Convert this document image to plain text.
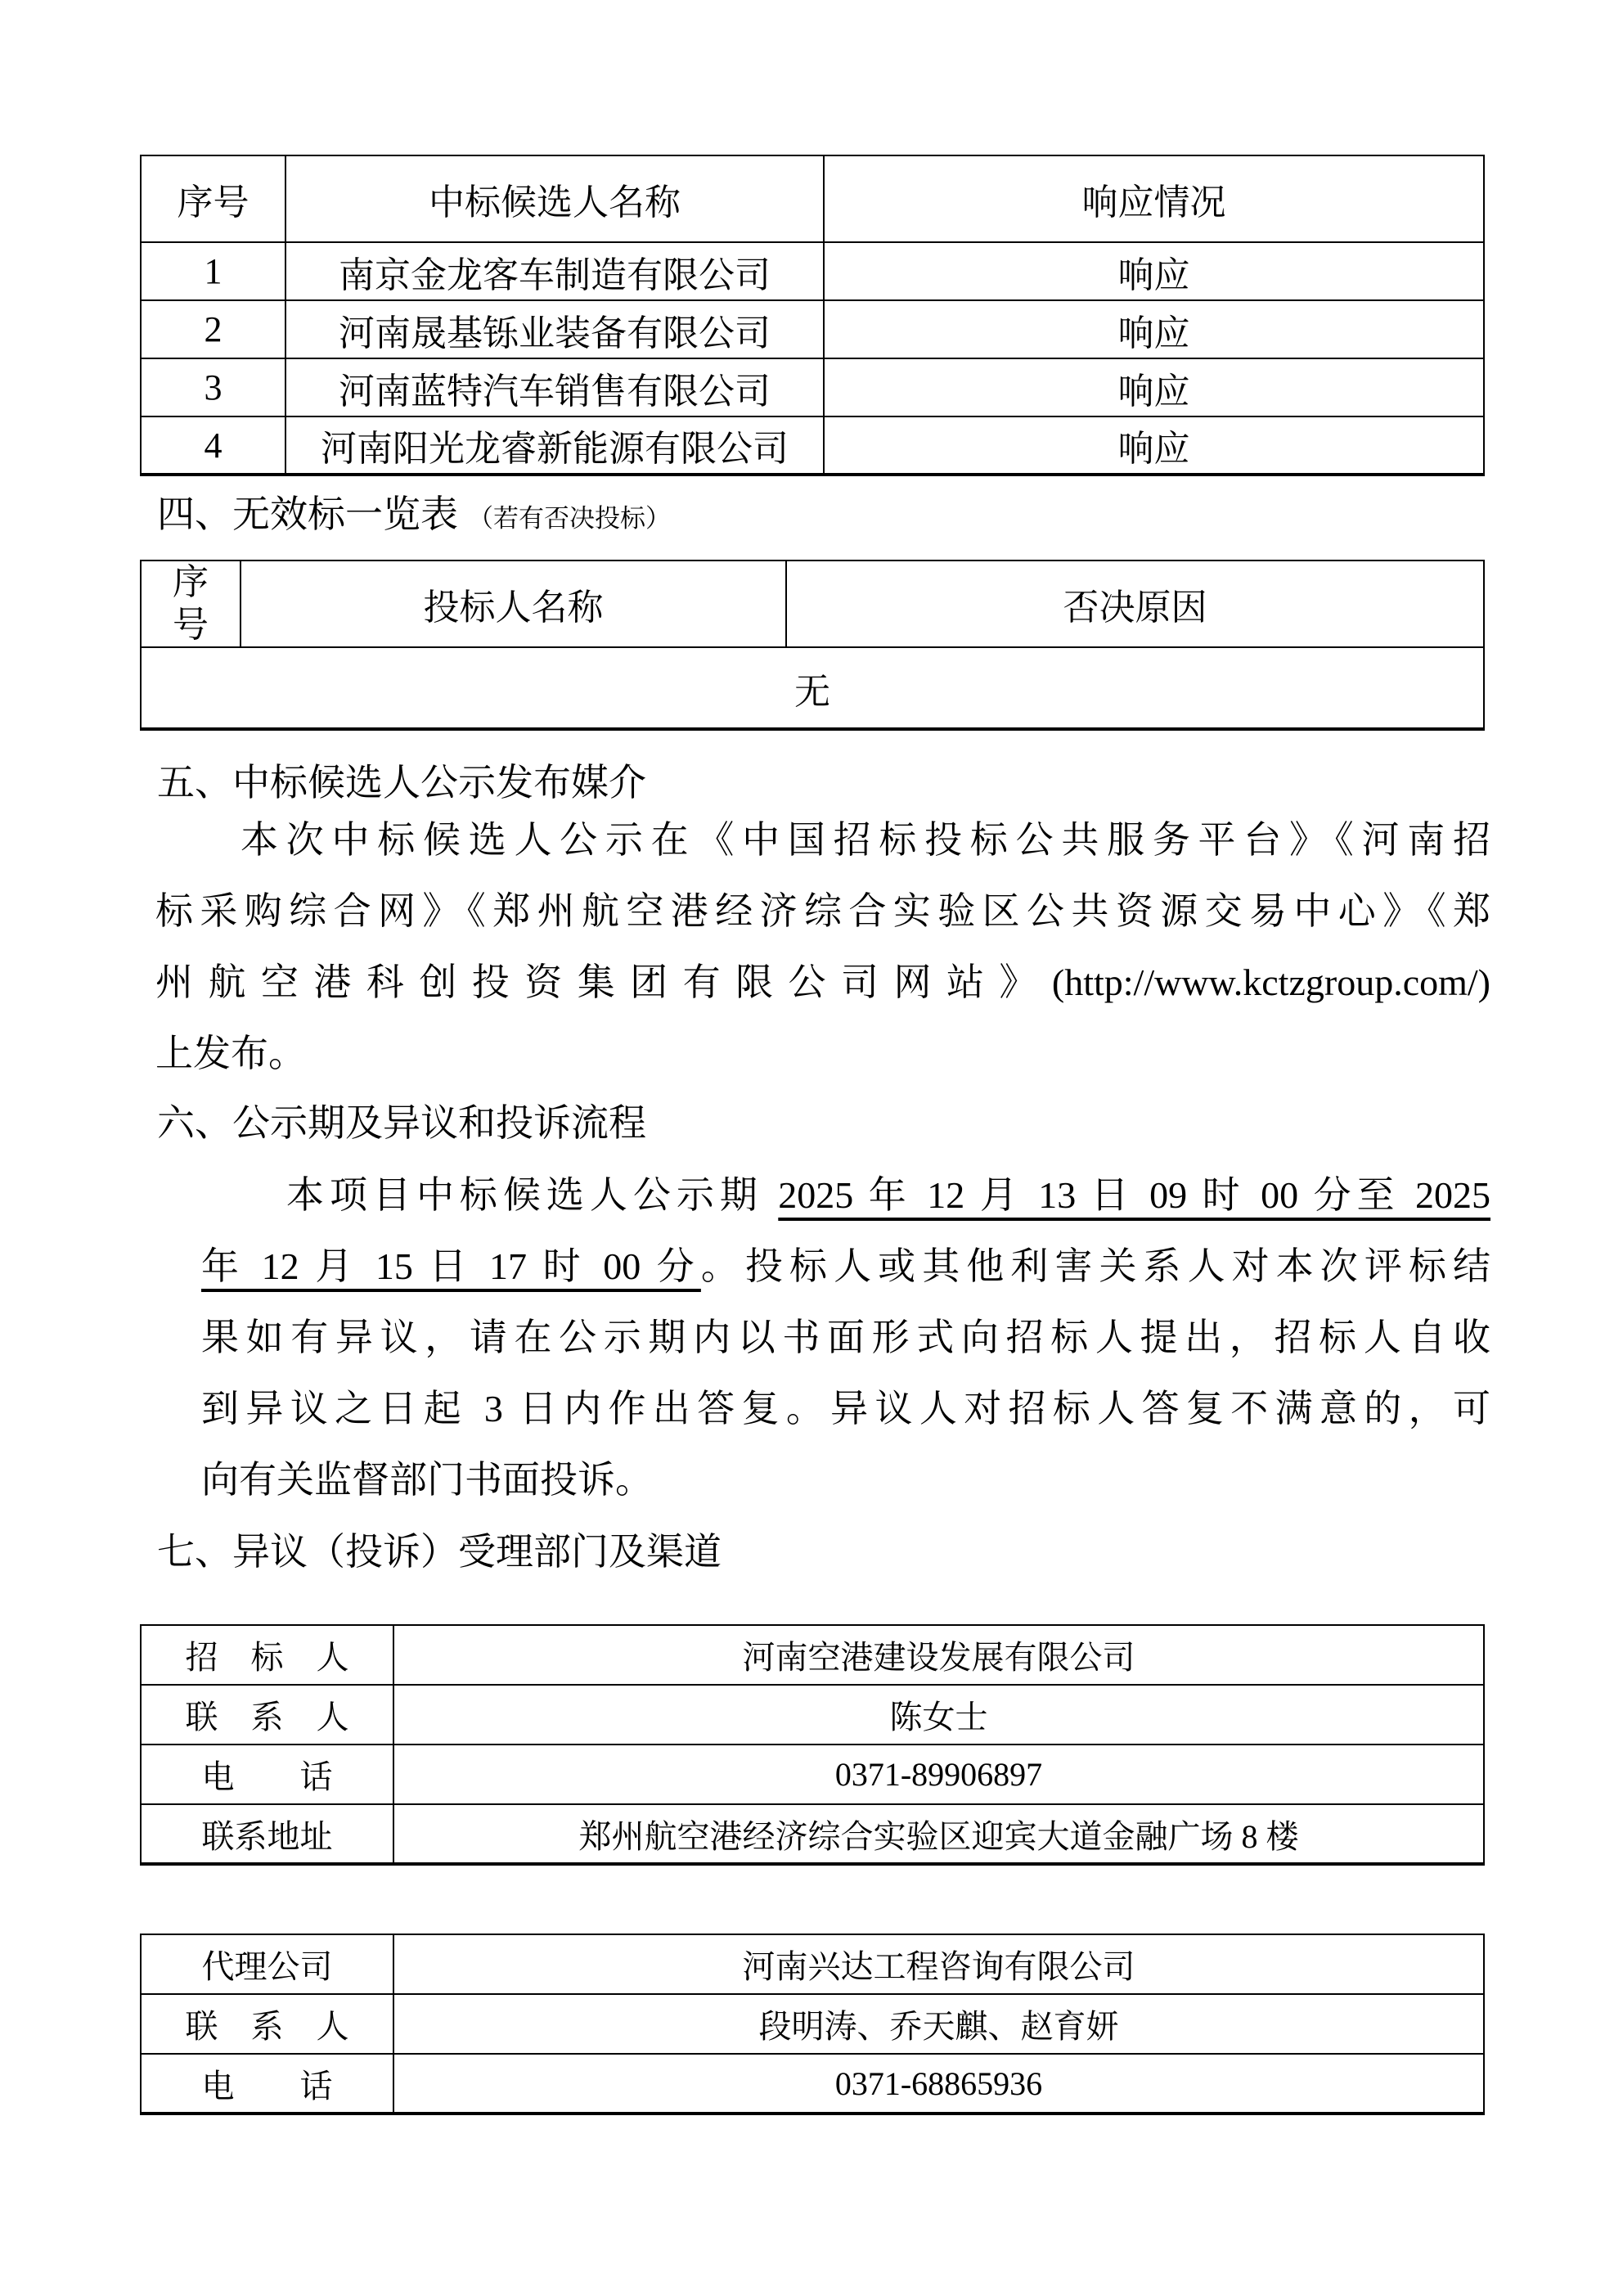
序号	中标候选人名称	响应情况
1	南京金龙客车制造有限公司	响应
2	河南晟基铄业装备有限公司	响应
3	河南蓝特汽车销售有限公司	响应
4	河南阳光龙睿新能源有限公司	响应
四、无效标一览表 （若有否决投标）
序号	投标人名称	否决原因
无
五、中标候选人公示发布媒介
本次中标候选人公示在《中国招标投标公共服务平台》《河南招
标采购综合网》《郑州航空港经济综合实验区公共资源交易中心》《郑
州航空港科创投资集团有限公司网站》(http://www.kctzgroup.com/)
上发布。
六、公示期及异议和投诉流程
本项目中标候选人公示期 2025 年 12 月 13 日 09 时 00 分至 2025
年 12 月 15 日 17 时 00 分。投标人或其他利害关系人对本次评标结
果如有异议，请在公示期内以书面形式向招标人提出，招标人自收
到异议之日起 3 日内作出答复。异议人对招标人答复不满意的，可
向有关监督部门书面投诉。
七、异议（投诉）受理部门及渠道
招　标　人	河南空港建设发展有限公司
联　系　人	陈女士
电　　话	0371-89906897
联系地址	郑州航空港经济综合实验区迎宾大道金融广场 8 楼
代理公司	河南兴达工程咨询有限公司
联　系　人	段明涛、乔天麒、赵育妍
电　　话	0371-68865936
